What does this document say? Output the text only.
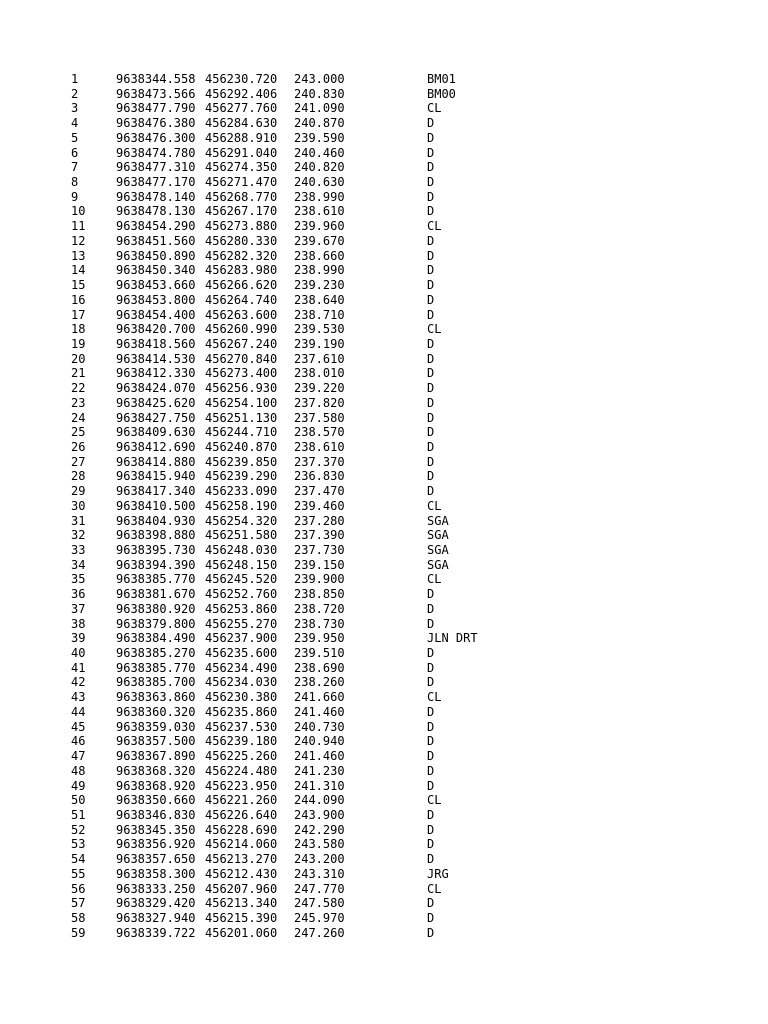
1	9638344.558 456230.720 243.000	BM01
2	9638473.566 456292.406 240.830	BM00
3	9638477.790 456277.760 241.090	CL
4	9638476.380 456284.630 240.870	D
5	9638476.300 456288.910 239.590	D
6	9638474.780 456291.040 240.460	D
7	9638477.310 456274.350 240.820	D
8	9638477.170 456271.470 240.630	D
9	9638478.140 456268.770 238.990	D
10	9638478.130 456267.170 238.610	D
11	9638454.290 456273.880 239.960	CL
12	9638451.560 456280.330 239.670	D
13	9638450.890 456282.320 238.660	D
14	9638450.340 456283.980 238.990	D
15	9638453.660 456266.620 239.230	D
16	9638453.800 456264.740 238.640	D
17	9638454.400 456263.600 238.710	D
18	9638420.700 456260.990 239.530	CL
19	9638418.560 456267.240 239.190	D
20	9638414.530 456270.840 237.610	D
21	9638412.330 456273.400 238.010	D
22	9638424.070 456256.930 239.220	D
23	9638425.620 456254.100 237.820	D
24	9638427.750 456251.130 237.580	D
25	9638409.630 456244.710 238.570	D
26	9638412.690 456240.870 238.610	D
27	9638414.880 456239.850 237.370	D
28	9638415.940 456239.290 236.830	D
29	9638417.340 456233.090 237.470	D
30	9638410.500 456258.190 239.460	CL
31	9638404.930 456254.320 237.280	SGA
32	9638398.880 456251.580 237.390	SGA
33	9638395.730 456248.030 237.730	SGA
34	9638394.390 456248.150 239.150	SGA
35	9638385.770 456245.520 239.900	CL
36	9638381.670 456252.760 238.850	D
37	9638380.920 456253.860 238.720	D
38	9638379.800 456255.270 238.730	D
39	9638384.490 456237.900 239.950	JLN DRT
40	9638385.270 456235.600 239.510	D
41	9638385.770 456234.490 238.690	D
42	9638385.700 456234.030 238.260	D
43	9638363.860 456230.380 241.660	CL
44	9638360.320 456235.860 241.460	D
45	9638359.030 456237.530 240.730	D
46	9638357.500 456239.180 240.940	D
47	9638367.890 456225.260 241.460	D
48	9638368.320 456224.480 241.230	D
49	9638368.920 456223.950 241.310	D
50	9638350.660 456221.260 244.090	CL
51	9638346.830 456226.640 243.900	D
52	9638345.350 456228.690 242.290	D
53	9638356.920 456214.060 243.580	D
54	9638357.650 456213.270 243.200	D
55	9638358.300 456212.430 243.310	JRG
56	9638333.250 456207.960 247.770	CL
57	9638329.420 456213.340 247.580	D
58	9638327.940 456215.390 245.970	D
59	9638339.722 456201.060 247.260	D
